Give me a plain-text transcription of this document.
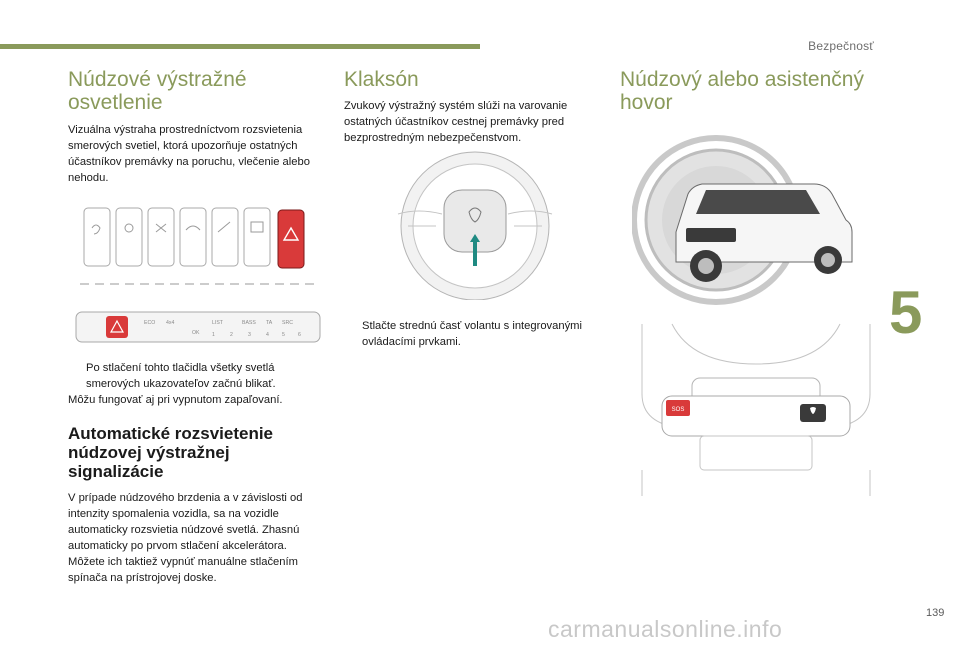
Bezpečnosť
5
139
carmanualsonline.info
Núdzové výstražné osvetlenie

Vizuálna výstraha prostredníctvom rozsvietenia smerových svetiel, ktorá upozorňuje ostatných účastníkov premávky na poruchu, vlečenie alebo nehodu.

ECO 4x4
OK
LIST	BASS TA SRC
1	2	3	4	5	6
Po stlačení tohto tlačidla všetky svetlá smerových ukazovateľov začnú blikať.

Môžu fungovať aj pri vypnutom zapaľovaní.

Automatické rozsvietenie núdzovej výstražnej signalizácie

V prípade núdzového brzdenia a v závislosti od intenzity spomalenia vozidla, sa na vozidle automaticky rozsvietia núdzové svetlá. Zhasnú automaticky po prvom stlačení akcelerátora. Môžete ich taktiež vypnúť manuálne stlačením spínača na prístrojovej doske.

Klaksón

Zvukový výstražný systém slúži na varovanie ostatných účastníkov cestnej premávky pred bezprostredným nebezpečenstvom.

Stlačte strednú časť volantu s integrovanými ovládacími prvkami.
Núdzový alebo asistenčný hovor
SOS
